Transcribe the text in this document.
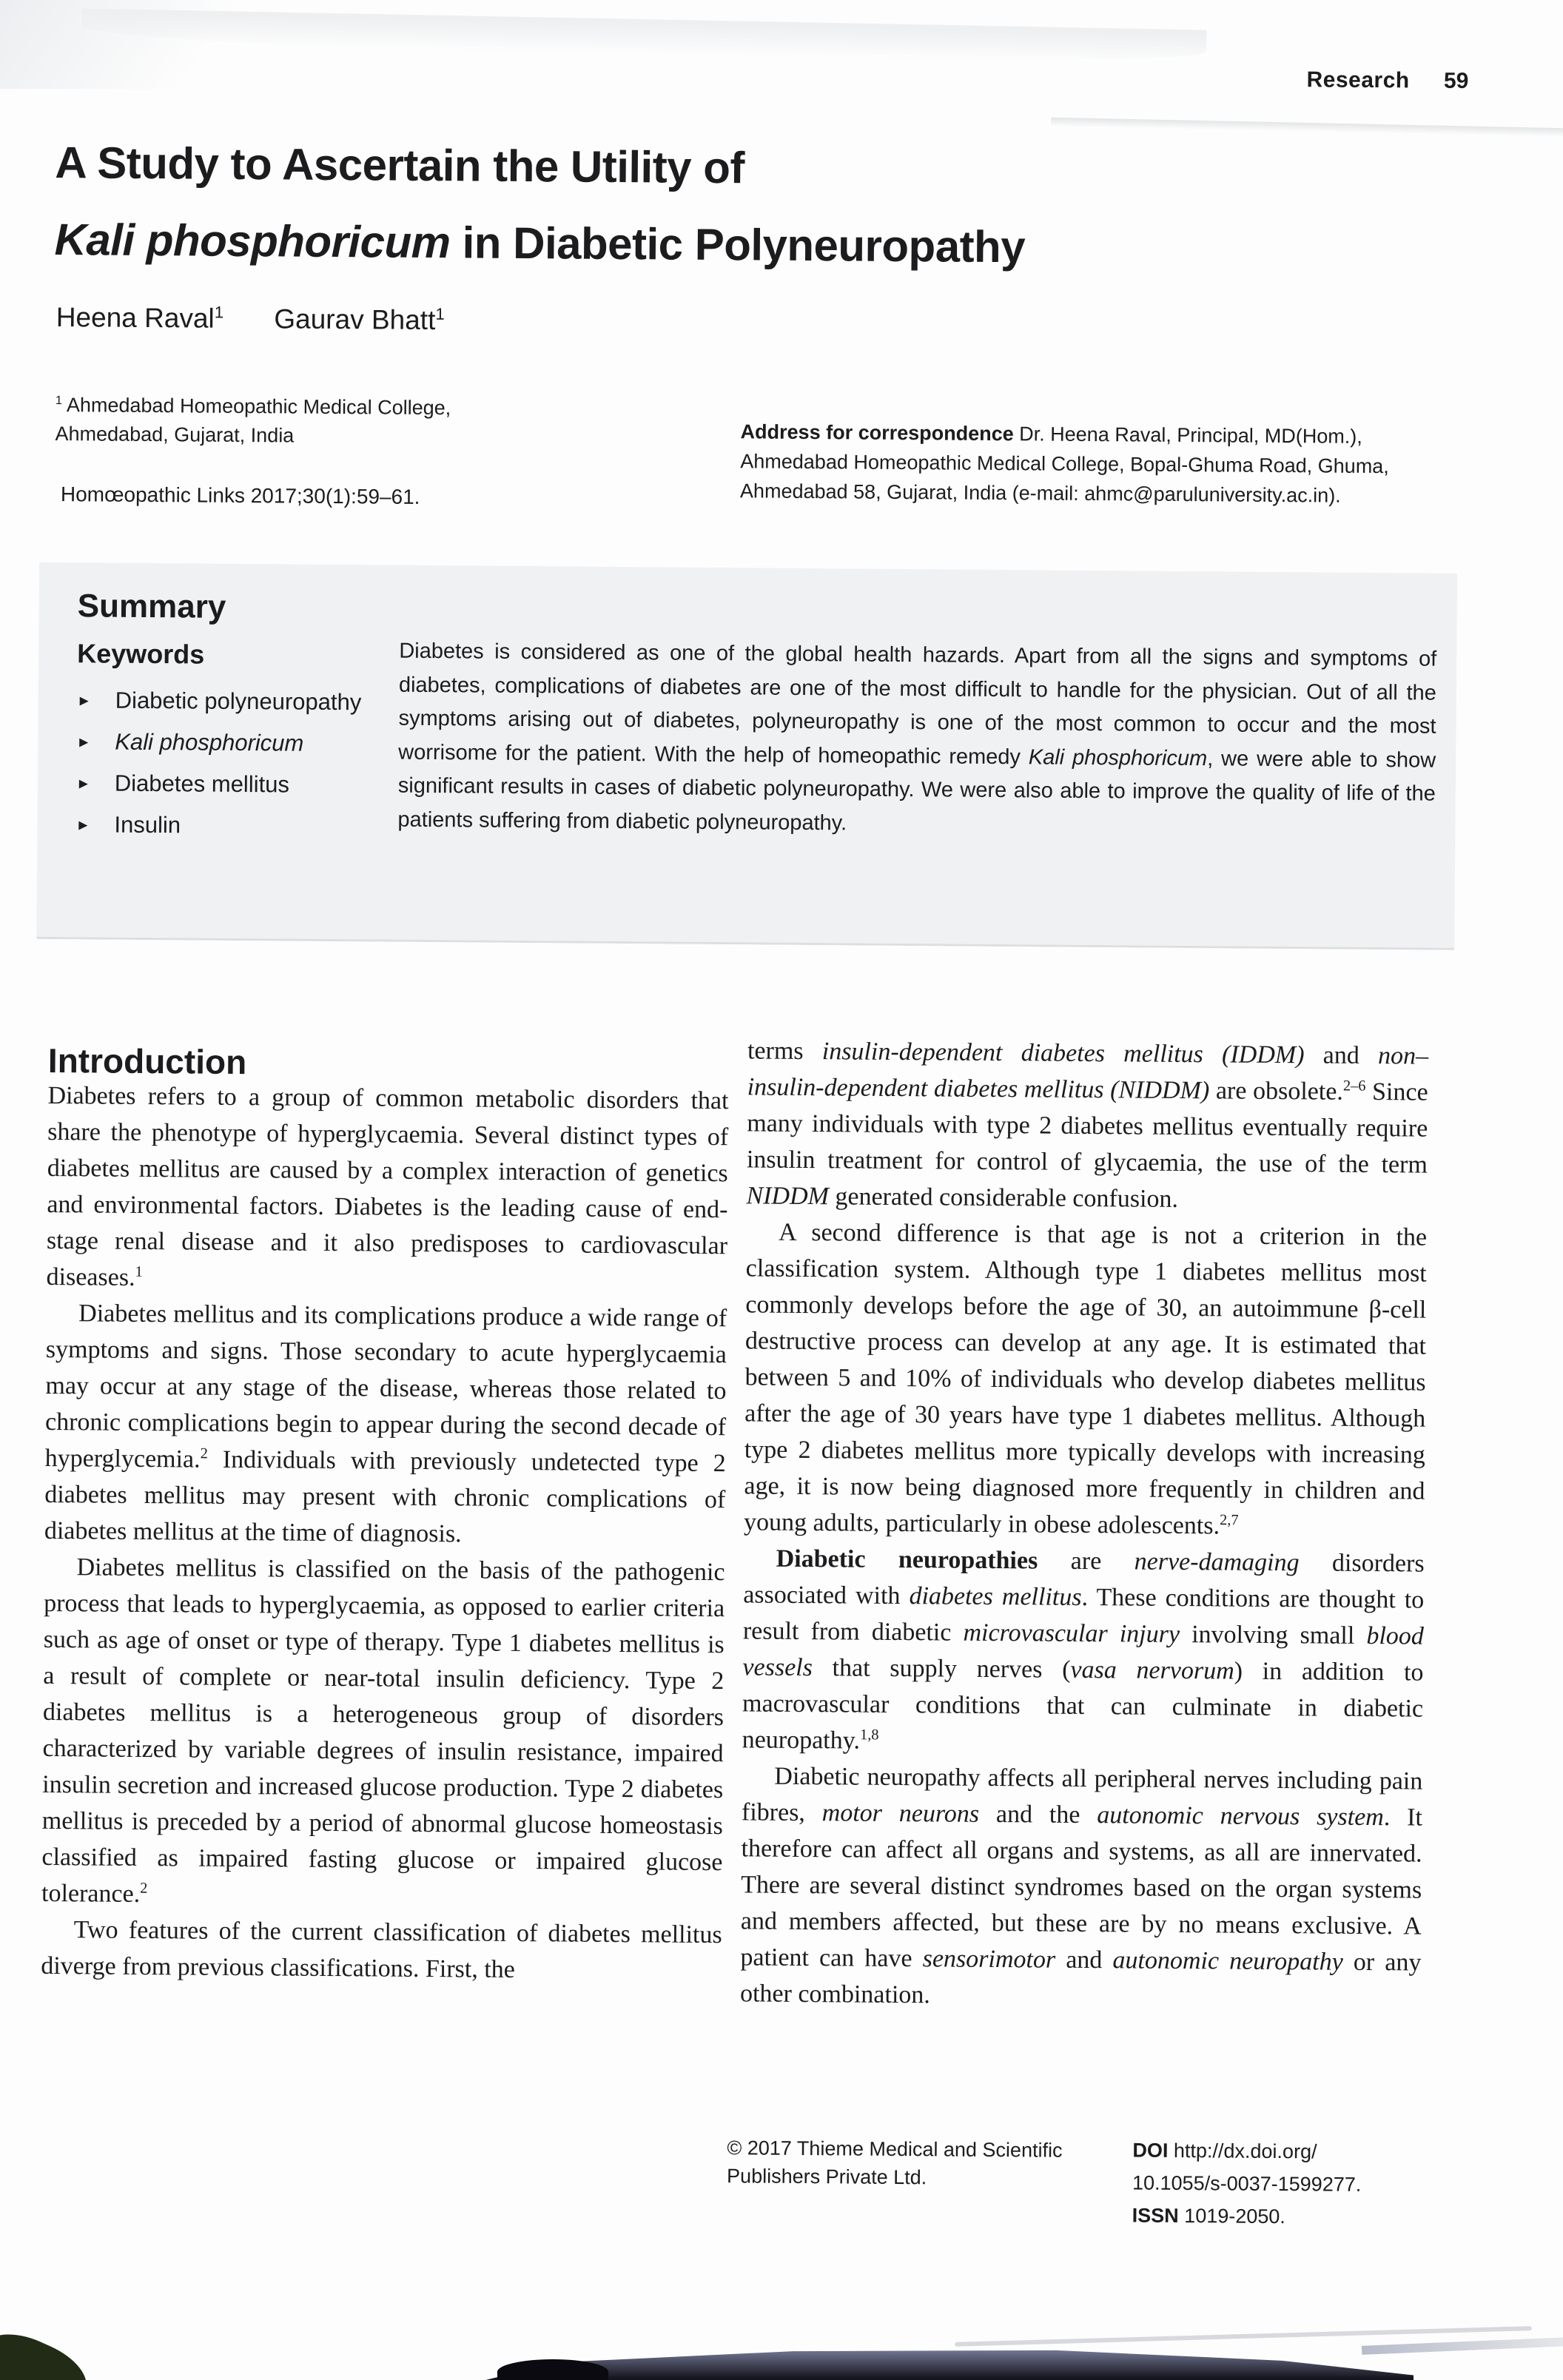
Research 59
A Study to Ascertain the Utility of
Kali phosphoricum in Diabetic Polyneuropathy
Heena Raval$^1$ Gaurav Bhatt$^1$
$^1$ Ahmedabad Homeopathic Medical College, Ahmedabad, Gujarat, India
Homœopathic Links 2017;30(1):59–61.
Address for correspondence Dr. Heena Raval, Principal, MD(Hom.), Ahmedabad Homeopathic Medical College, Bopal-Ghuma Road, Ghuma, Ahmedabad 58, Gujarat, India (e-mail: ahmc@paruluniversity.ac.in).
Summary
Keywords
► Diabetic polyneuropathy
► Kali phosphoricum
► Diabetes mellitus
► Insulin
Diabetes is considered as one of the global health hazards. Apart from all the signs and symptoms of diabetes, complications of diabetes are one of the most difficult to handle for the physician. Out of all the symptoms arising out of diabetes, polyneuropathy is one of the most common to occur and the most worrisome for the patient. With the help of homeopathic remedy Kali phosphoricum, we were able to show significant results in cases of diabetic polyneuropathy. We were also able to improve the quality of life of the patients suffering from diabetic polyneuropathy.
Introduction

Diabetes refers to a group of common metabolic disorders that share the phenotype of hyperglycaemia. Several distinct types of diabetes mellitus are caused by a complex interaction of genetics and environmental factors. Diabetes is the leading cause of end-stage renal disease and it also predisposes to cardiovascular diseases.$^1$

Diabetes mellitus and its complications produce a wide range of symptoms and signs. Those secondary to acute hyperglycaemia may occur at any stage of the disease, whereas those related to chronic complications begin to appear during the second decade of hyperglycemia.$^2$ Individuals with previously undetected type 2 diabetes mellitus may present with chronic complications of diabetes mellitus at the time of diagnosis.

Diabetes mellitus is classified on the basis of the pathogenic process that leads to hyperglycaemia, as opposed to earlier criteria such as age of onset or type of therapy. Type 1 diabetes mellitus is a result of complete or near-total insulin deficiency. Type 2 diabetes mellitus is a heterogeneous group of disorders characterized by variable degrees of insulin resistance, impaired insulin secretion and increased glucose production. Type 2 diabetes mellitus is preceded by a period of abnormal glucose homeostasis classified as impaired fasting glucose or impaired glucose tolerance.$^2$

Two features of the current classification of diabetes mellitus diverge from previous classifications. First, the

terms insulin-dependent diabetes mellitus (IDDM) and non–insulin-dependent diabetes mellitus (NIDDM) are obsolete.$^{2-6}$ Since many individuals with type 2 diabetes mellitus eventually require insulin treatment for control of glycaemia, the use of the term NIDDM generated considerable confusion.

A second difference is that age is not a criterion in the classification system. Although type 1 diabetes mellitus most commonly develops before the age of 30, an autoimmune β-cell destructive process can develop at any age. It is estimated that between 5 and 10% of individuals who develop diabetes mellitus after the age of 30 years have type 1 diabetes mellitus. Although type 2 diabetes mellitus more typically develops with increasing age, it is now being diagnosed more frequently in children and young adults, particularly in obese adolescents.$^{2,7}$

Diabetic neuropathies are nerve-damaging disorders associated with diabetes mellitus. These conditions are thought to result from diabetic microvascular injury involving small blood vessels that supply nerves (vasa nervorum) in addition to macrovascular conditions that can culminate in diabetic neuropathy.$^{1,8}$

Diabetic neuropathy affects all peripheral nerves including pain fibres, motor neurons and the autonomic nervous system. It therefore can affect all organs and systems, as all are innervated. There are several distinct syndromes based on the organ systems and members affected, but these are by no means exclusive. A patient can have sensorimotor and autonomic neuropathy or any other combination.

© 2017 Thieme Medical and Scientific Publishers Private Ltd.
DOI http://dx.doi.org/
10.1055/s-0037-1599277.
ISSN 1019-2050.
